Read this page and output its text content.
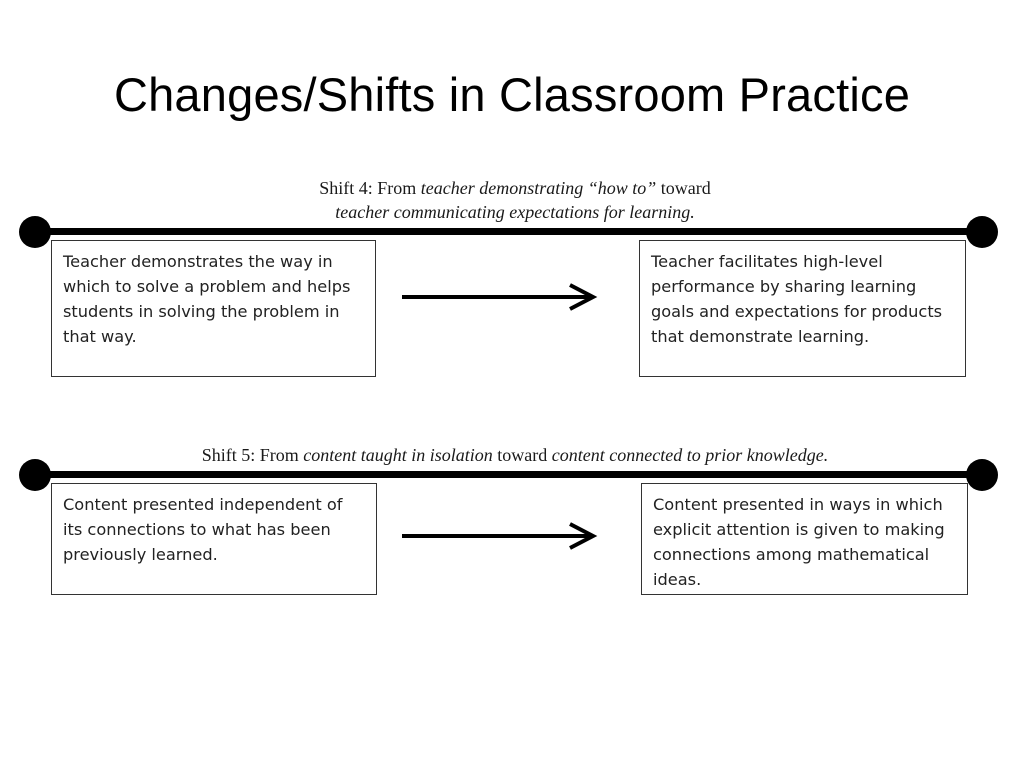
Changes/Shifts in Classroom Practice
Shift 4: From teacher demonstrating “how to” toward
teacher communicating expectations for learning.
Teacher demonstrates the way in which to solve a problem and helps students in solving the problem in that way.
Teacher facilitates high-level performance by sharing learning goals and expectations for products that demonstrate learning.
Shift 5: From content taught in isolation toward content connected to prior knowledge.
Content presented independent of its connections to what has been previously learned.
Content presented in ways in which explicit attention is given to making connections among mathematical ideas.
